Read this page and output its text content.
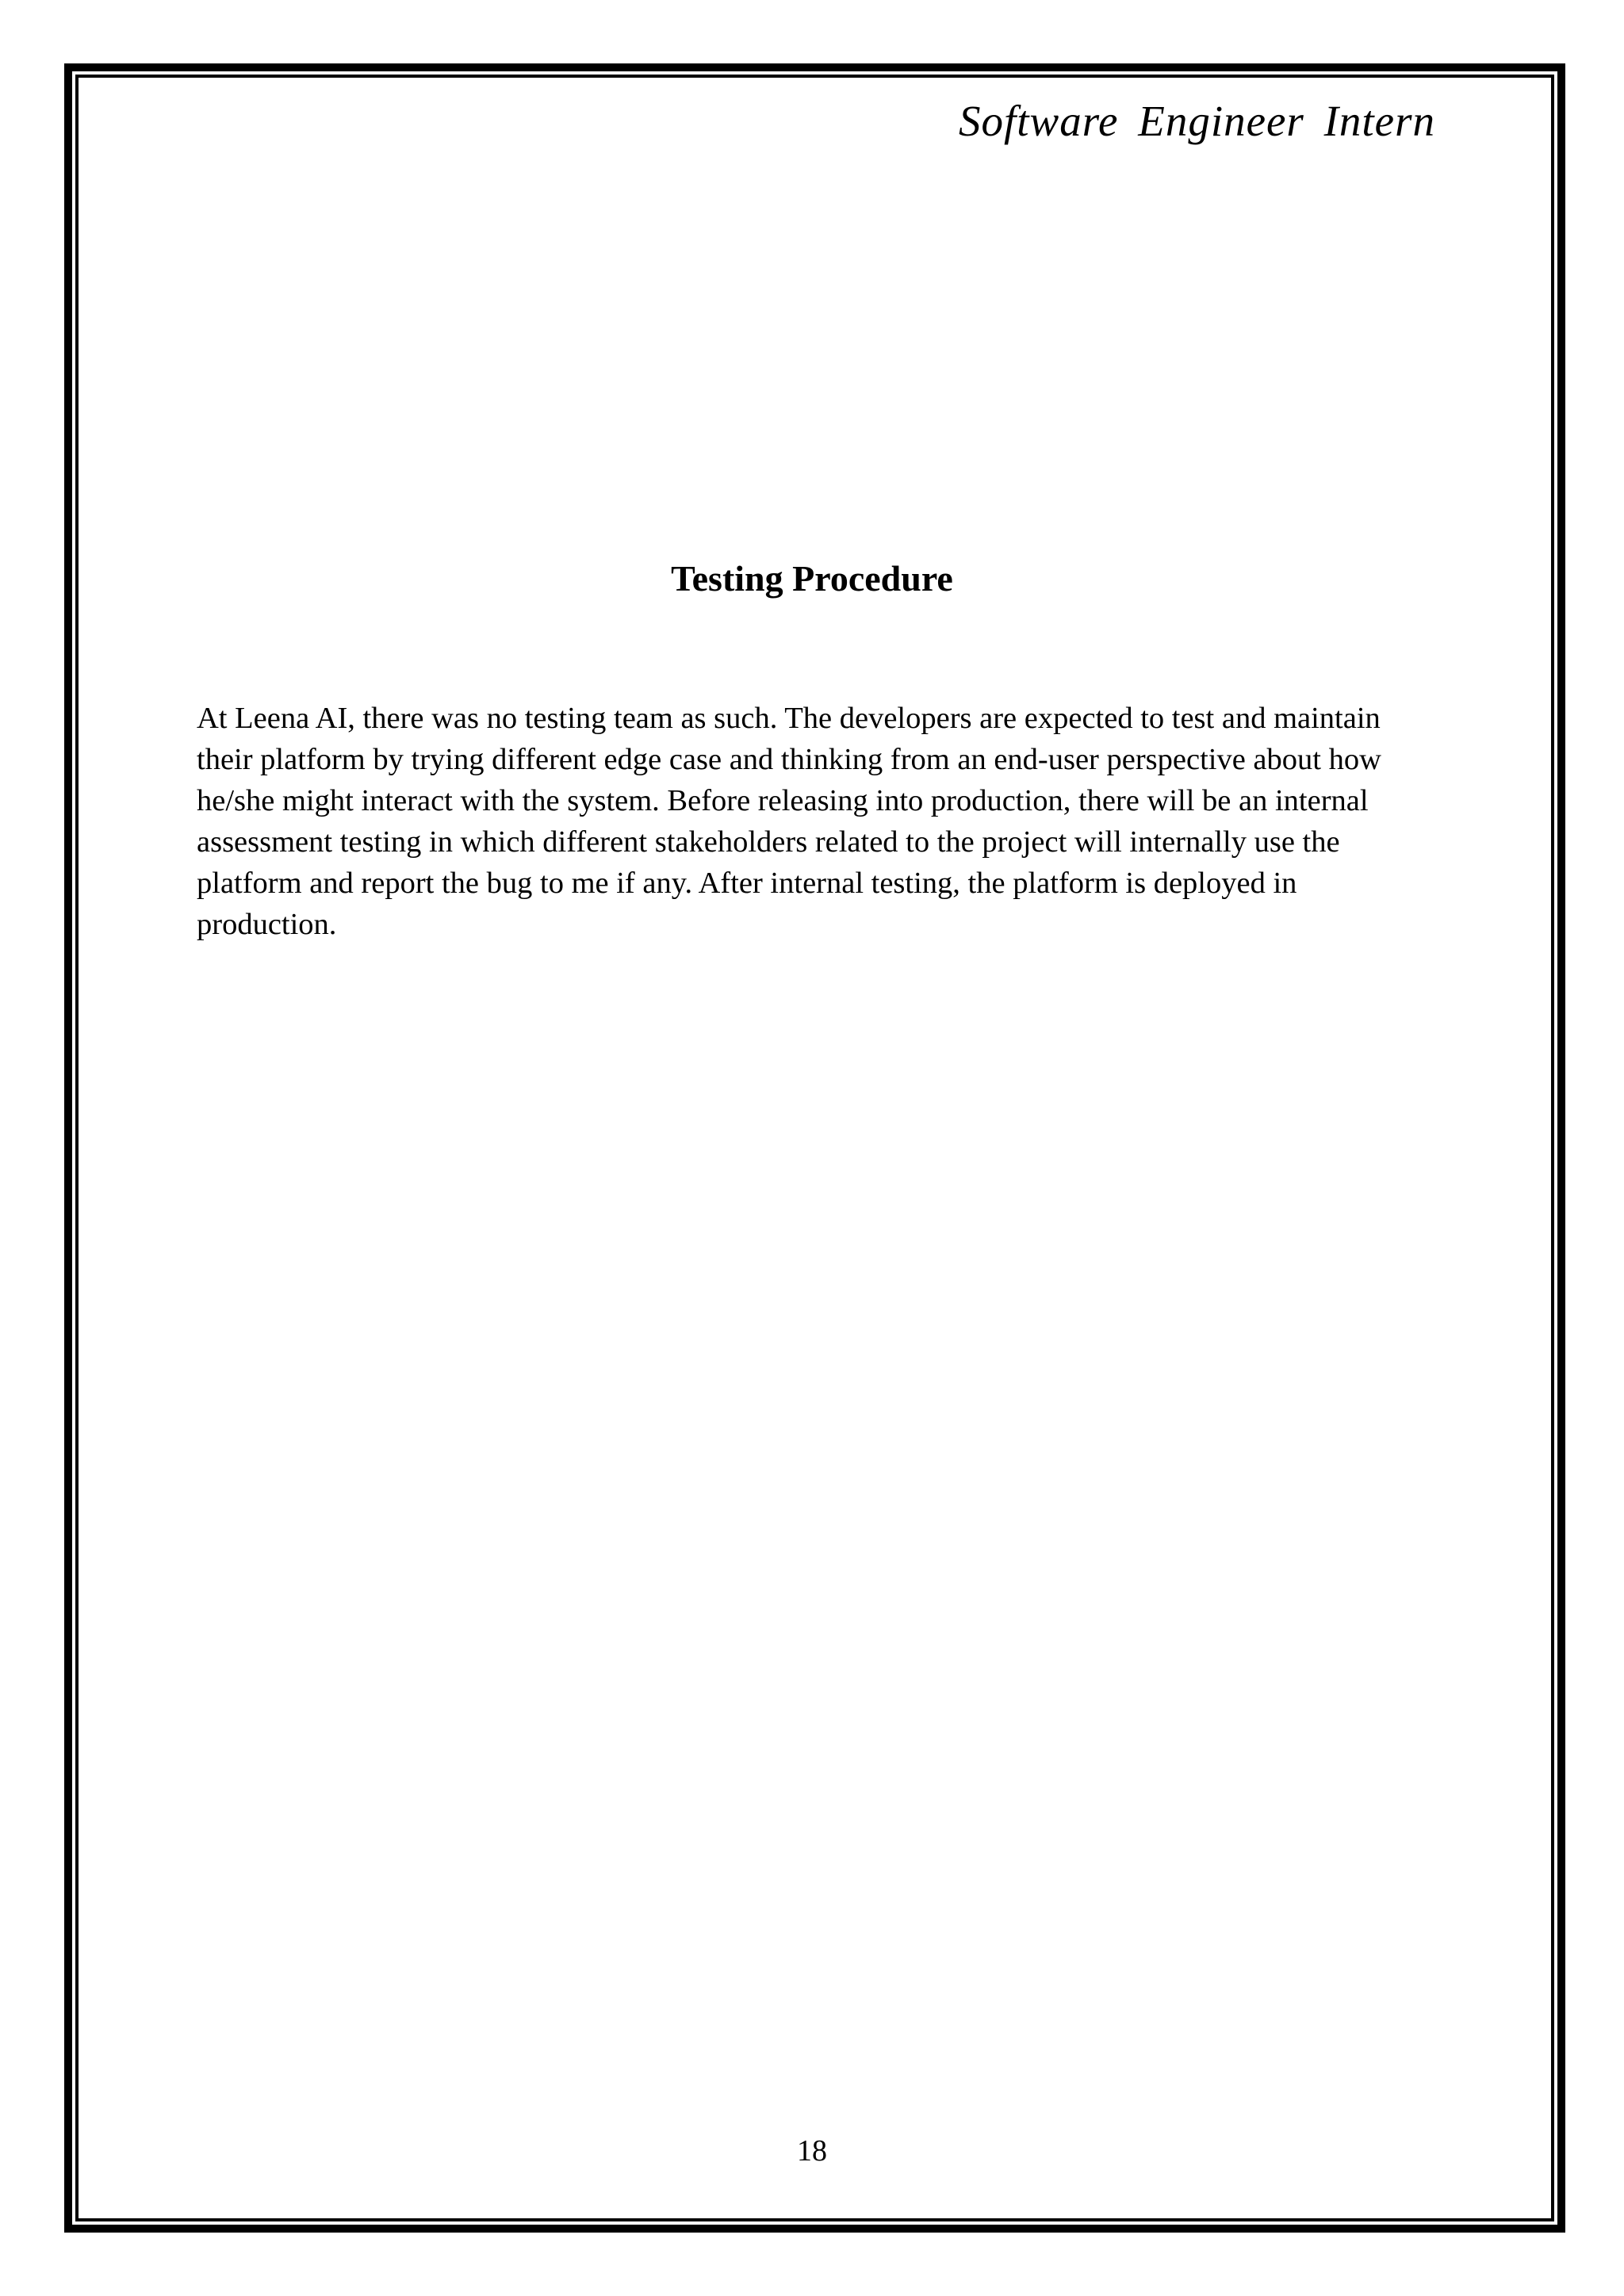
Software Engineer Intern
Testing Procedure

At Leena AI, there was no testing team as such. The developers are expected to test and maintain their platform by trying different edge case and thinking from an end-user perspective about how he/she might interact with the system. Before releasing into production, there will be an internal assessment testing in which different stakeholders related to the project will internally use the platform and report the bug to me if any. After internal testing, the platform is deployed in production.

18
